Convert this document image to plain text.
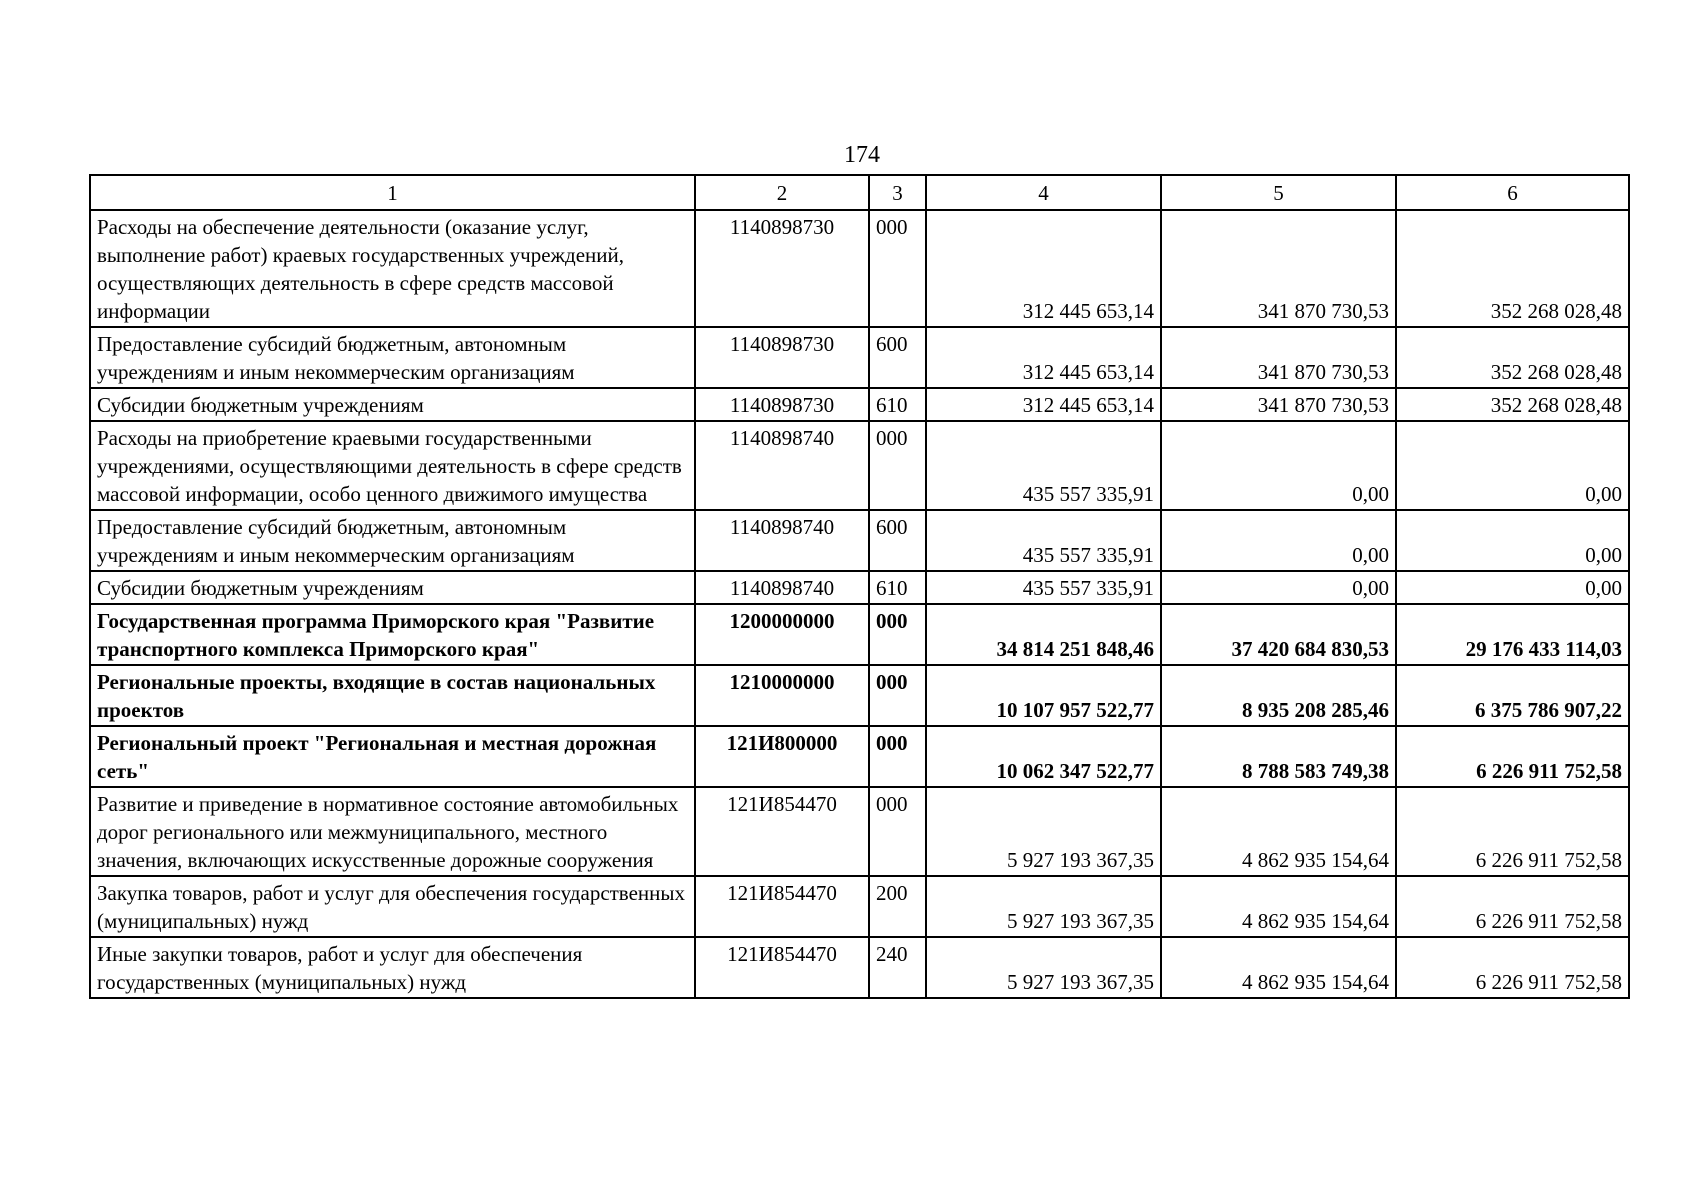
174
1	2	3	4	5	6
Расходы на обеспечение деятельности (оказание услуг, выполнение работ) краевых государственных учреждений, осуществляющих деятельность в сфере средств массовой информации	1140898730	000	312 445 653,14	341 870 730,53	352 268 028,48
Предоставление субсидий бюджетным, автономным учреждениям и иным некоммерческим организациям	1140898730	600	312 445 653,14	341 870 730,53	352 268 028,48
Субсидии бюджетным учреждениям	1140898730	610	312 445 653,14	341 870 730,53	352 268 028,48
Расходы на приобретение краевыми государственными учреждениями, осуществляющими деятельность в сфере средств массовой информации, особо ценного движимого имущества	1140898740	000	435 557 335,91	0,00	0,00
Предоставление субсидий бюджетным, автономным учреждениям и иным некоммерческим организациям	1140898740	600	435 557 335,91	0,00	0,00
Субсидии бюджетным учреждениям	1140898740	610	435 557 335,91	0,00	0,00
Государственная программа Приморского края "Развитие транспортного комплекса Приморского края"	1200000000	000	34 814 251 848,46	37 420 684 830,53	29 176 433 114,03
Региональные проекты, входящие в состав национальных проектов	1210000000	000	10 107 957 522,77	8 935 208 285,46	6 375 786 907,22
Региональный проект "Региональная и местная дорожная сеть"	121И800000	000	10 062 347 522,77	8 788 583 749,38	6 226 911 752,58
Развитие и приведение в нормативное состояние автомобильных дорог регионального или межмуниципального, местного значения, включающих искусственные дорожные сооружения	121И854470	000	5 927 193 367,35	4 862 935 154,64	6 226 911 752,58
Закупка товаров, работ и услуг для обеспечения государственных (муниципальных) нужд	121И854470	200	5 927 193 367,35	4 862 935 154,64	6 226 911 752,58
Иные закупки товаров, работ и услуг для обеспечения государственных (муниципальных) нужд	121И854470	240	5 927 193 367,35	4 862 935 154,64	6 226 911 752,58
